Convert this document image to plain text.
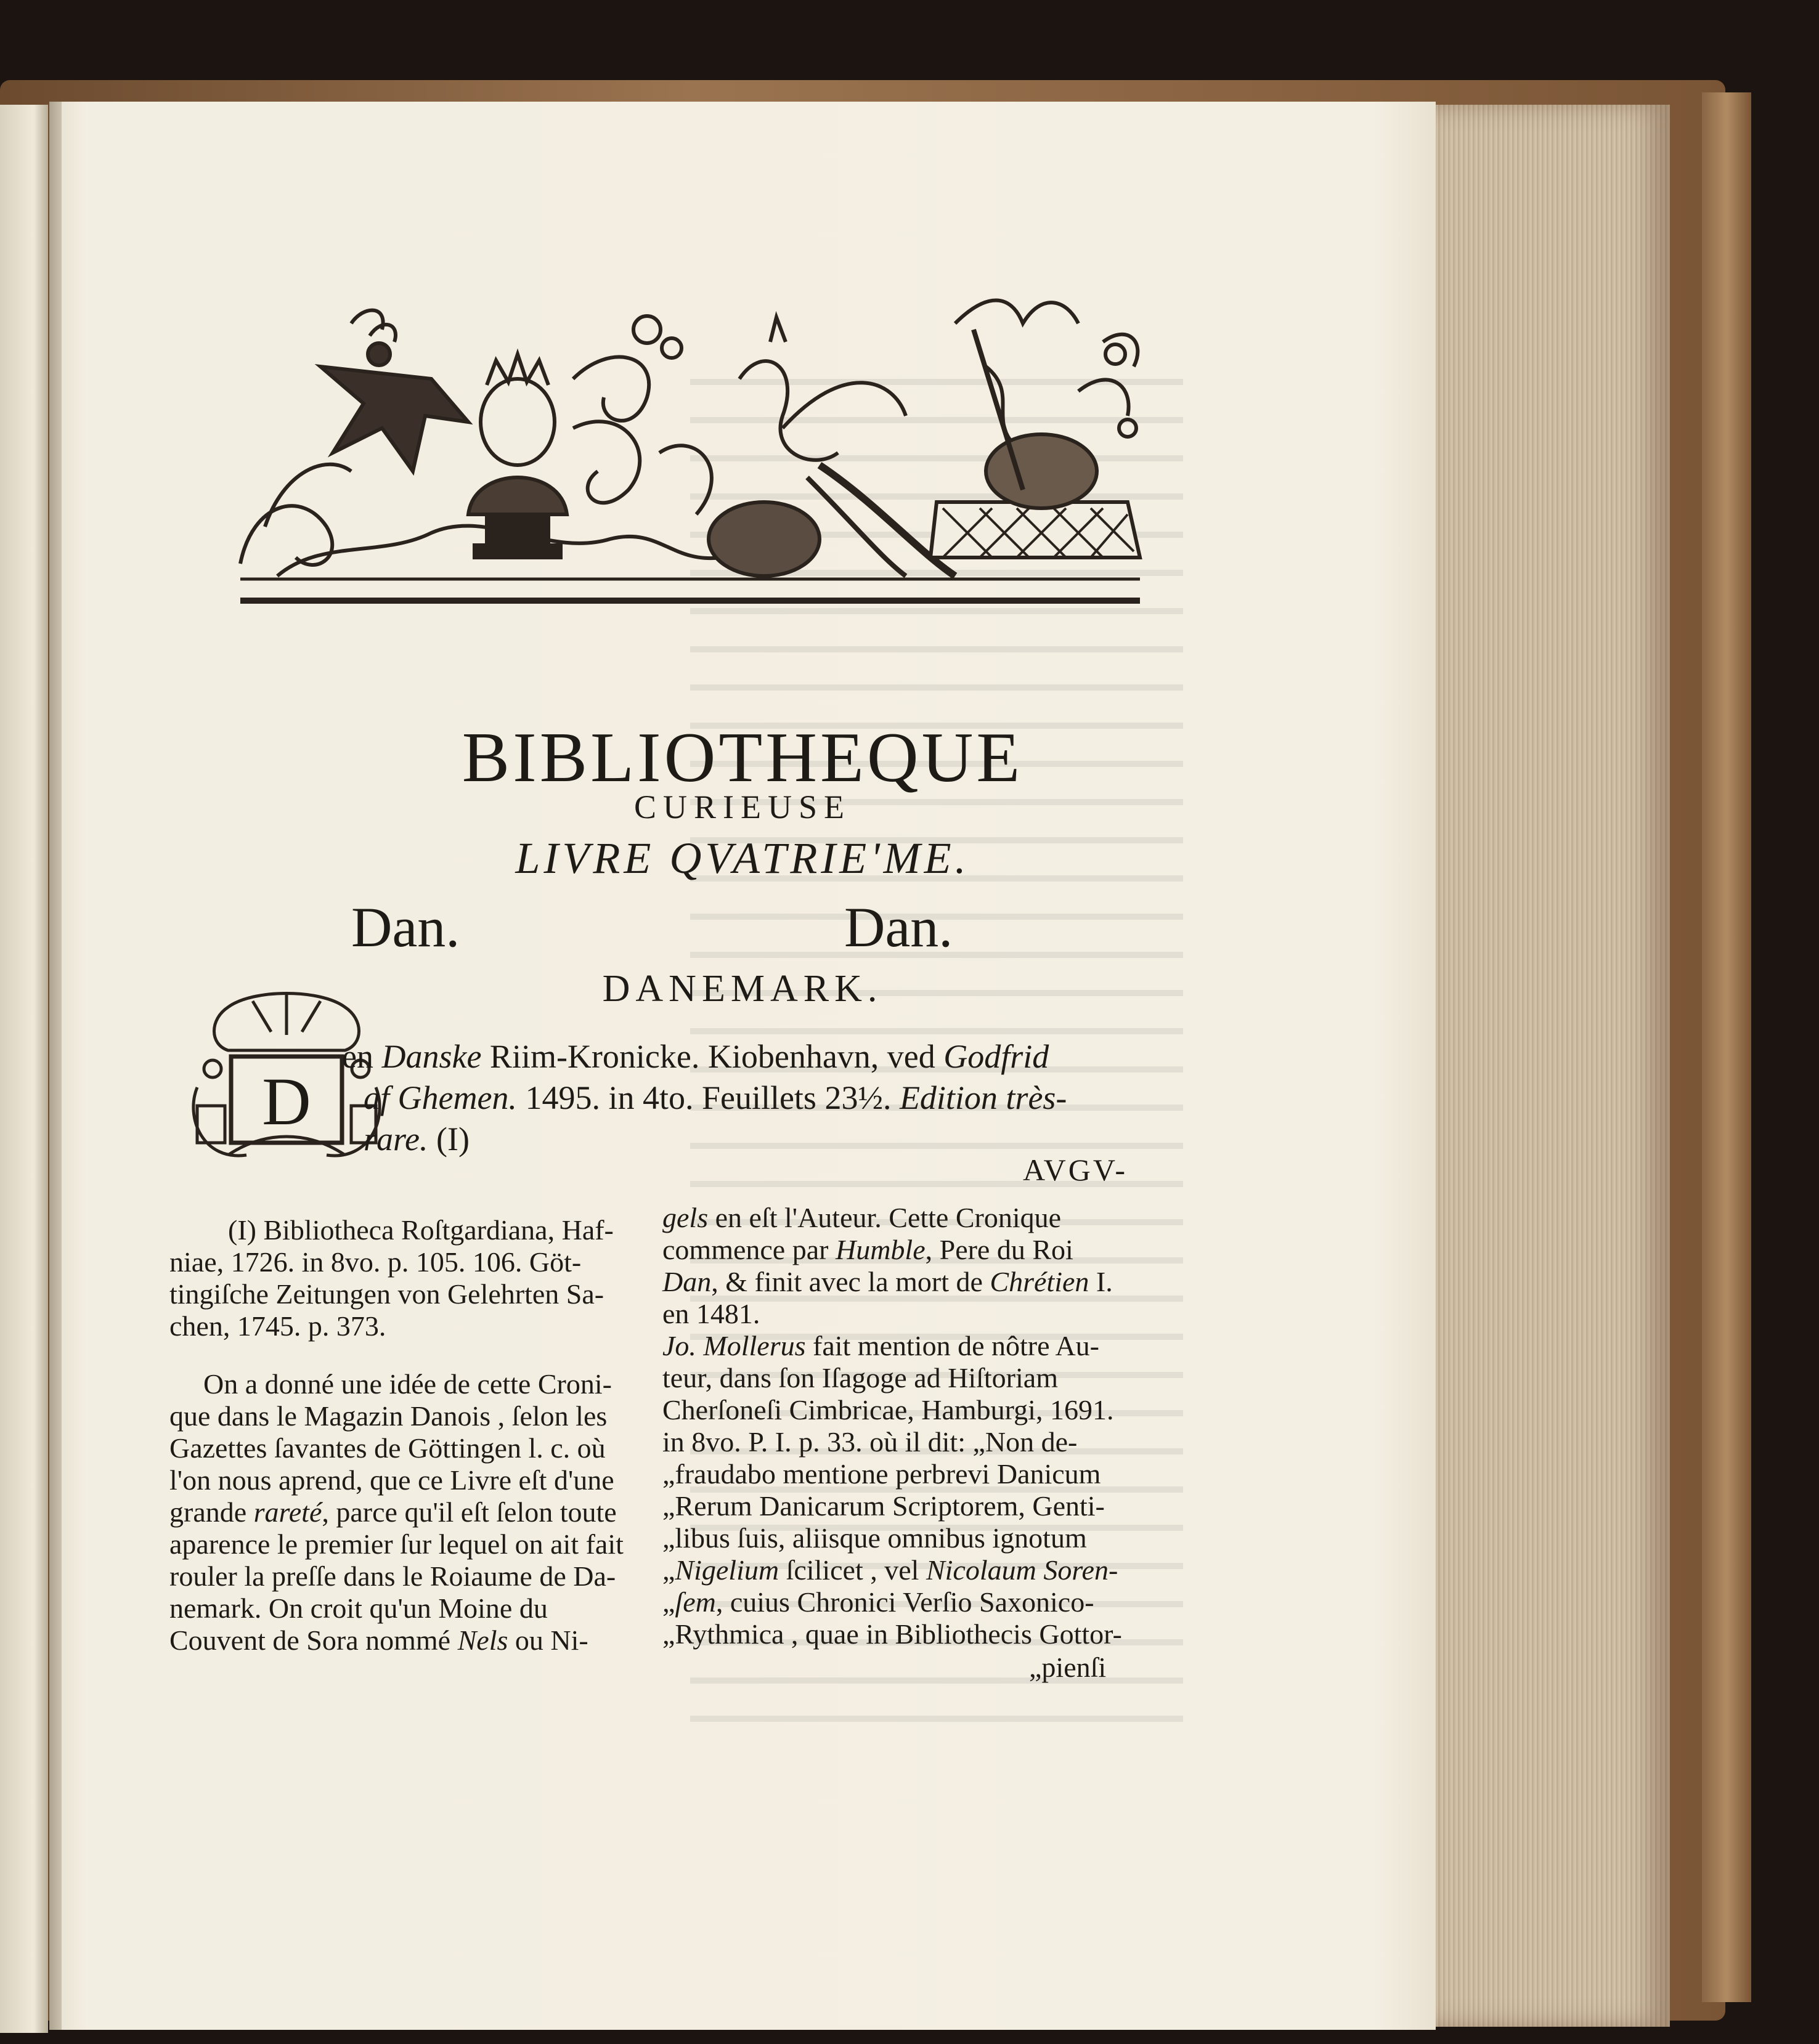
BIBLIOTHEQUE
CURIEUSE
LIVRE QVATRIE'ME.
Dan.	Dan.
DANEMARK.
D
en Danske Riim-Kronicke. Kiobenhavn, ved Godfrid
af Ghemen. 1495. in 4to. Feuillets 23½. Edition très-
rare. (I)
AVGV-
(I) Bibliotheca Roſtgardiana, Haf-
niae, 1726. in 8vo. p. 105. 106. Göt-
tingiſche Zeitungen von Gelehrten Sa-
chen, 1745. p. 373.
On a donné une idée de cette Croni-
que dans le Magazin Danois , ſelon les
Gazettes ſavantes de Göttingen l. c. où
l'on nous aprend, que ce Livre eſt d'une
grande rareté, parce qu'il eſt ſelon toute
aparence le premier ſur lequel on ait fait
rouler la preſſe dans le Roiaume de Da-
nemark. On croit qu'un Moine du
Couvent de Sora nommé Nels ou Ni-
gels en eſt l'Auteur. Cette Cronique
commence par Humble, Pere du Roi
Dan, & finit avec la mort de Chrétien I.
en 1481.
Jo. Mollerus fait mention de nôtre Au-
teur, dans ſon Iſagoge ad Hiſtoriam
Cherſoneſi Cimbricae, Hamburgi, 1691.
in 8vo. P. I. p. 33. où il dit: „Non de-
„fraudabo mentione perbrevi Danicum
„Rerum Danicarum Scriptorem, Genti-
„libus ſuis, aliisque omnibus ignotum
„Nigelium ſcilicet , vel Nicolaum Soren-
„ſem, cuius Chronici Verſio Saxonico-
„Rythmica , quae in Bibliothecis Gottor-
„pienſi
